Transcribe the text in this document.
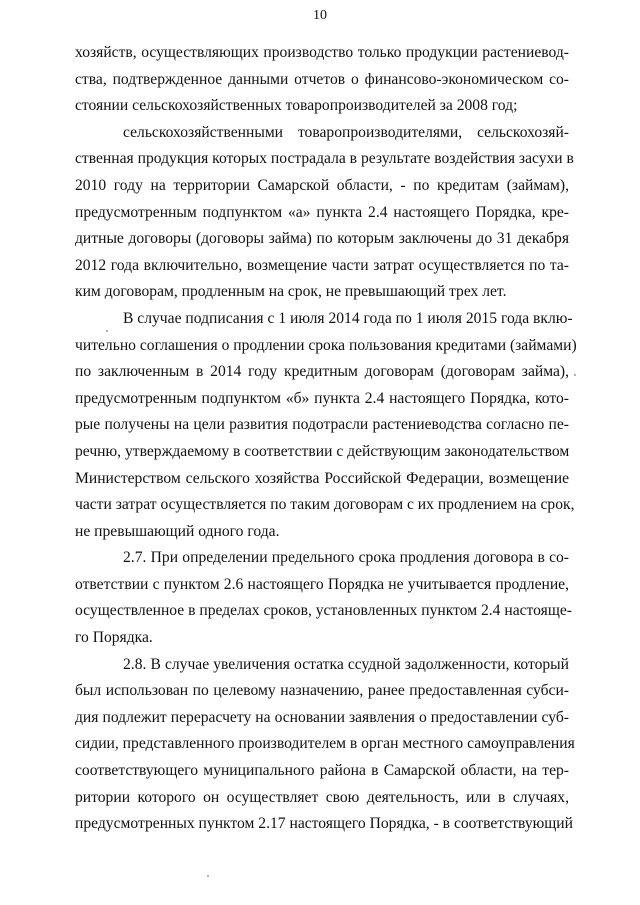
10
хозяйств, осуществляющих производство только продукции растениевод-
ства, подтвержденное данными отчетов о финансово-экономическом со-
стоянии сельскохозяйственных товаропроизводителей за 2008 год;
сельскохозяйственными товаропроизводителями, сельскохозяй-
ственная продукция которых пострадала в результате воздействия засухи в
2010 году на территории Самарской области, - по кредитам (займам),
предусмотренным подпунктом «а» пункта 2.4 настоящего Порядка, кре-
дитные договоры (договоры займа) по которым заключены до 31 декабря
2012 года включительно, возмещение части затрат осуществляется по та-
ким договорам, продленным на срок, не превышающий трех лет.
В случае подписания с 1 июля 2014 года по 1 июля 2015 года вклю-
чительно соглашения о продлении срока пользования кредитами (займами)
по заключенным в 2014 году кредитным договорам (договорам займа),
предусмотренным подпунктом «б» пункта 2.4 настоящего Порядка, кото-
рые получены на цели развития подотрасли растениеводства согласно пе-
речню, утверждаемому в соответствии с действующим законодательством
Министерством сельского хозяйства Российской Федерации, возмещение
части затрат осуществляется по таким договорам с их продлением на срок,
не превышающий одного года.
2.7. При определении предельного срока продления договора в со-
ответствии с пунктом 2.6 настоящего Порядка не учитывается продление,
осуществленное в пределах сроков, установленных пунктом 2.4 настояще-
го Порядка.
2.8. В случае увеличения остатка ссудной задолженности, который
был использован по целевому назначению, ранее предоставленная субси-
дия подлежит перерасчету на основании заявления о предоставлении суб-
сидии, представленного производителем в орган местного самоуправления
соответствующего муниципального района в Самарской области, на тер-
ритории которого он осуществляет свою деятельность, или в случаях,
предусмотренных пунктом 2.17 настоящего Порядка, - в соответствующий
